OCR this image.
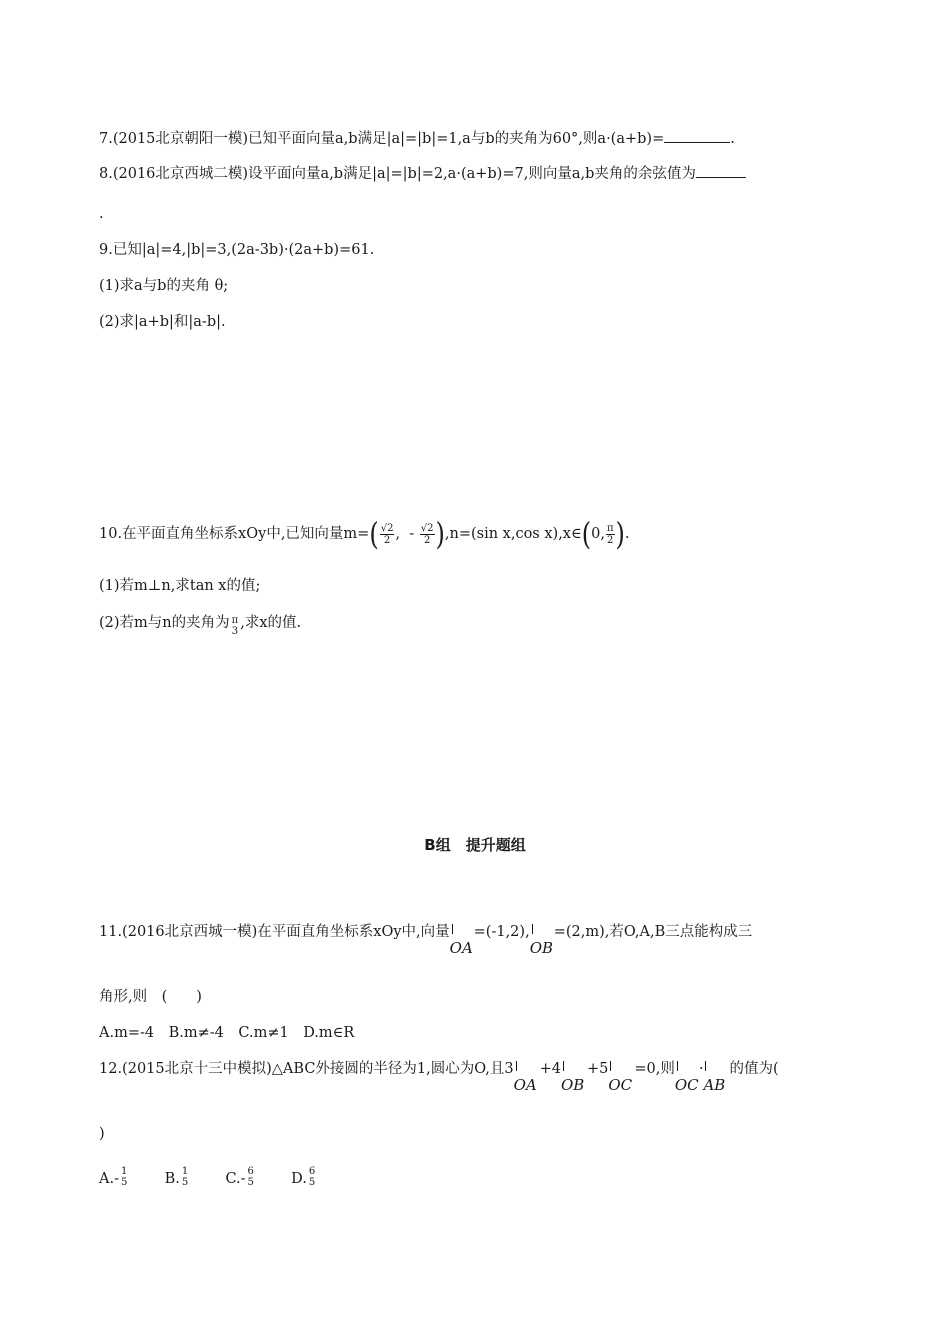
7.(2015北京朝阳一模)已知平面向量a,b满足|a|=|b|=1,a与b的夹角为60°,则a·(a+b)=	.
8.(2016北京西城二模)设平面向量a,b满足|a|=|b|=2,a·(a+b)=7,则向量a,b夹角的余弦值为
.
9.已知|a|=4,|b|=3,(2a-3b)·(2a+b)=61.
(1)求a与b的夹角 θ;
(2)求|a+b|和|a-b|.
10.在平面直角坐标系xOy中,已知向量$m=( \frac{√2}{2}$ , - $\frac{√2}{2} ),n=(\sin$ x,cos x),x∈(0, $\frac{\pi}{2}$ ).
(1)若m⊥n,求tan x的值;
(2)若m与n的夹角为 π
3
,求x的值.
B组　提升题组
11.(2016北京西城一模)在平面直角坐标系xOy中,向量
OA
=(-1,2),
OB
=(2,m),若O,A,B三点能构成三
角形,则　(　　)
A.m=-4　B.m≠-4　C.m≠1　D.m∈R
12.(2015北京十三中模拟)△ABC外接圆的半径为1,圆心为O,且3
OA
+4
OB
+5
OC
=0,则
OC
·
AB
的值为(
)
A.- 1
5	B. 1
5	C.- 6
5	D. 6
5
